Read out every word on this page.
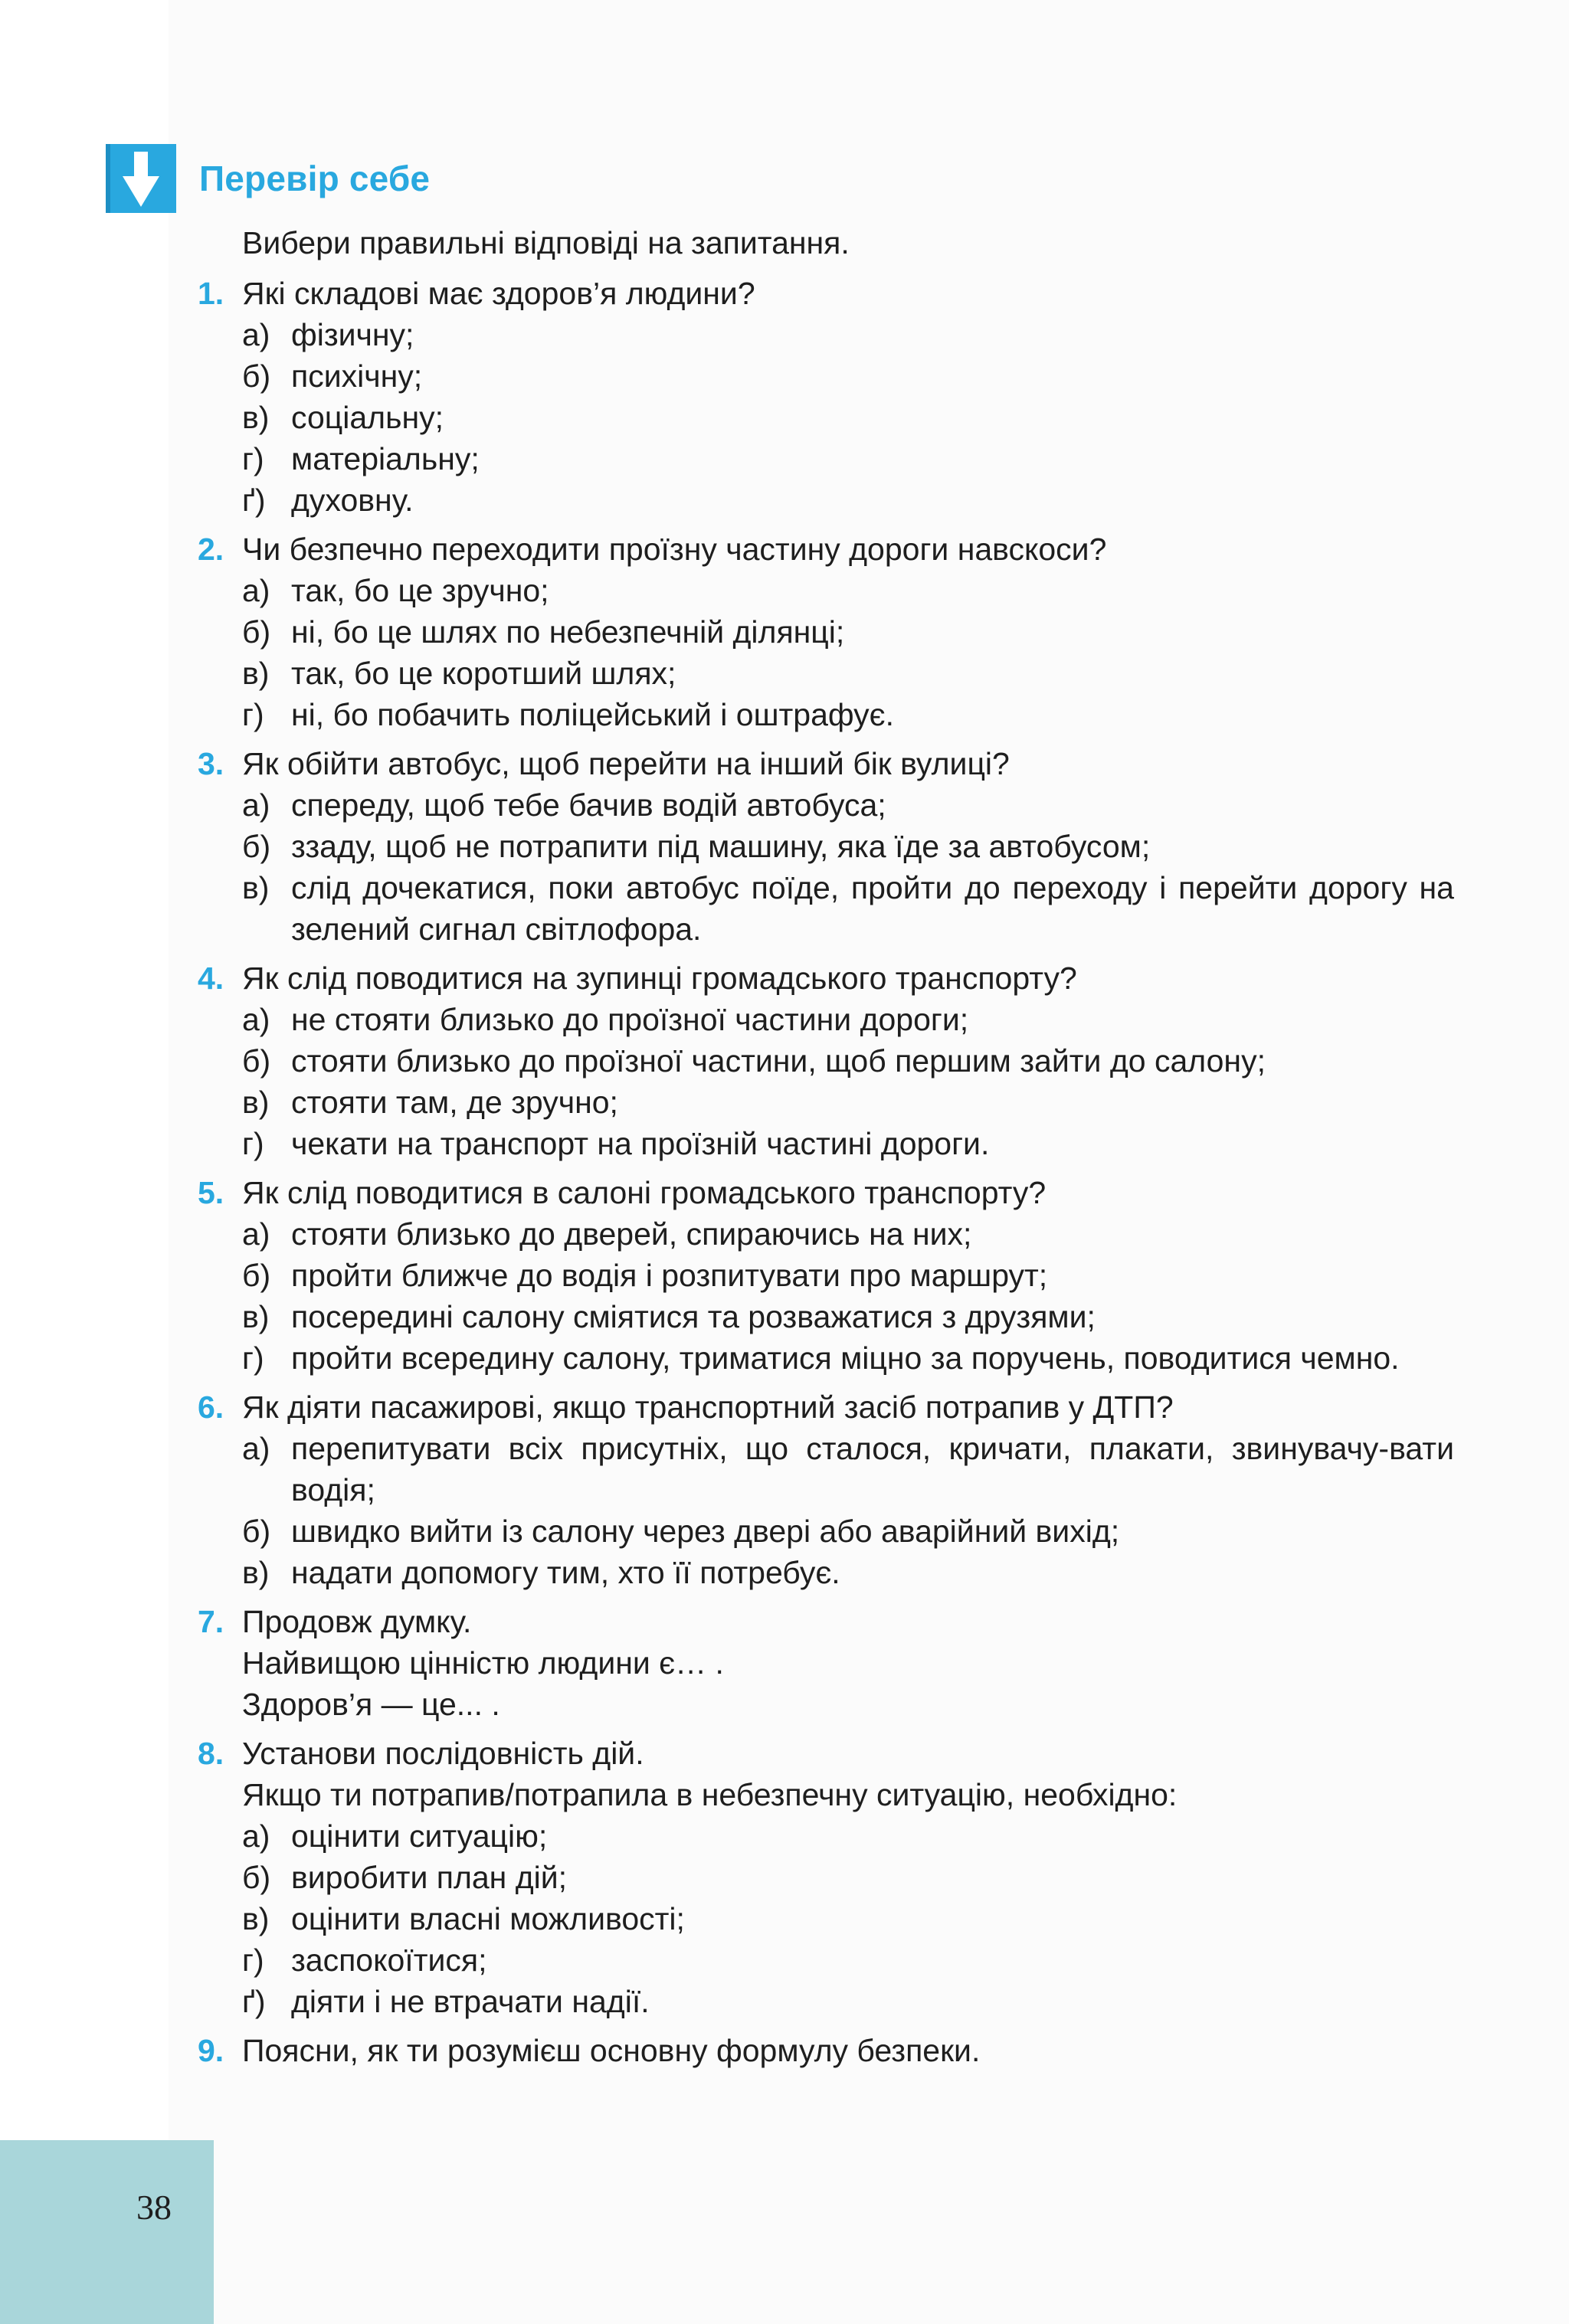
Перевір себе
Вибери правильні відповіді на запитання.
1. Які складові має здоров’я людини?
а) фізичну;
б) психічну;
в) соціальну;
г) матеріальну;
ґ) духовну.
2. Чи безпечно переходити проїзну частину дороги навскоси?
а) так, бо це зручно;
б) ні, бо це шлях по небезпечній ділянці;
в) так, бо це коротший шлях;
г) ні, бо побачить поліцейський і оштрафує.
3. Як обійти автобус, щоб перейти на інший бік вулиці?
а) спереду, щоб тебе бачив водій автобуса;
б) ззаду, щоб не потрапити під машину, яка їде за автобусом;
в) слід дочекатися, поки автобус поїде, пройти до переходу і перейти дорогу на зелений сигнал світлофора.
4. Як слід поводитися на зупинці громадського транспорту?
а) не стояти близько до проїзної частини дороги;
б) стояти близько до проїзної частини, щоб першим зайти до салону;
в) стояти там, де зручно;
г) чекати на транспорт на проїзній частині дороги.
5. Як слід поводитися в салоні громадського транспорту?
а) стояти близько до дверей, спираючись на них;
б) пройти ближче до водія і розпитувати про маршрут;
в) посередині салону сміятися та розважатися з друзями;
г) пройти всередину салону, триматися міцно за поручень, поводитися чемно.
6. Як діяти пасажирові, якщо транспортний засіб потрапив у ДТП?
а) перепитувати всіх присутніх, що сталося, кричати, плакати, звинувачу-вати водія;
б) швидко вийти із салону через двері або аварійний вихід;
в) надати допомогу тим, хто її потребує.
7. Продовж думку.
Найвищою цінністю людини є… .
Здоров’я — це... .
8. Установи послідовність дій.
Якщо ти потрапив/потрапила в небезпечну ситуацію, необхідно:
а) оцінити ситуацію;
б) виробити план дій;
в) оцінити власні можливості;
г) заспокоїтися;
ґ) діяти і не втрачати надії.
9. Поясни, як ти розумієш основну формулу безпеки.
38
